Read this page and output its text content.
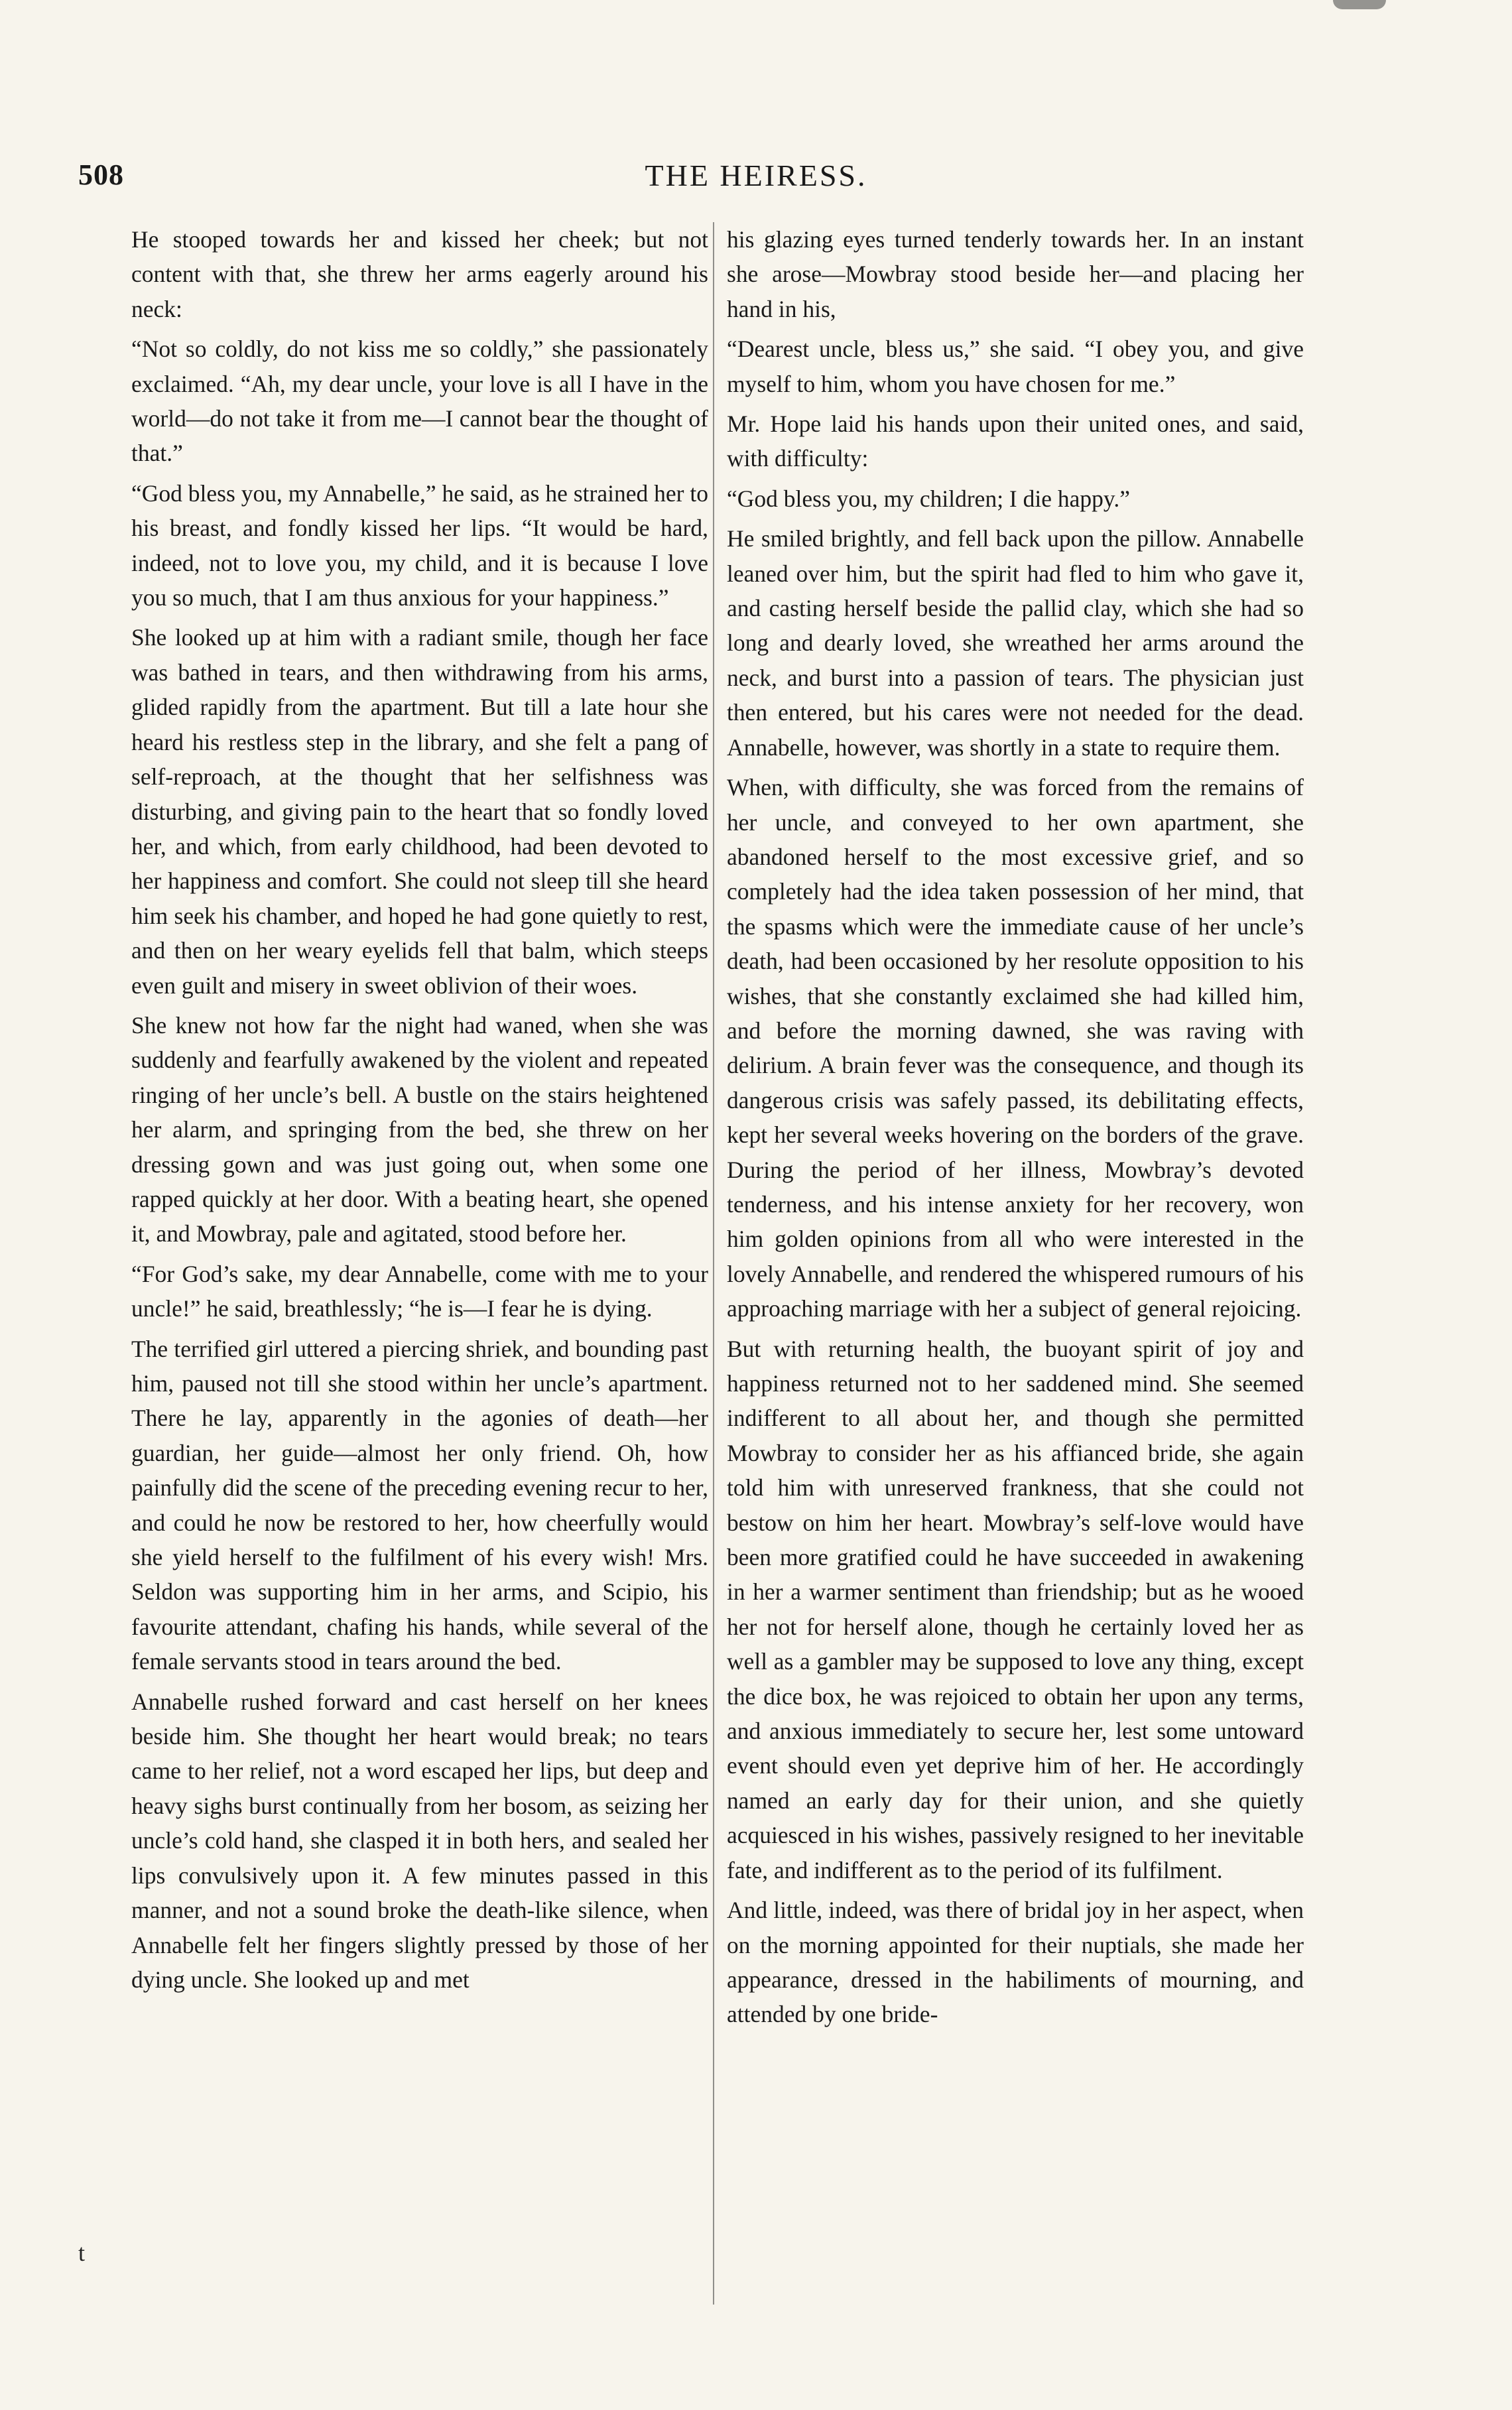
508	THE HEIRESS.

He stooped towards her and kissed her cheek; but not content with that, she threw her arms eagerly around his neck:

“Not so coldly, do not kiss me so coldly,” she passionately exclaimed. “Ah, my dear uncle, your love is all I have in the world—do not take it from me—I cannot bear the thought of that.”

“God bless you, my Annabelle,” he said, as he strained her to his breast, and fondly kissed her lips. “It would be hard, indeed, not to love you, my child, and it is because I love you so much, that I am thus anxious for your happiness.”

She looked up at him with a radiant smile, though her face was bathed in tears, and then withdrawing from his arms, glided rapidly from the apartment. But till a late hour she heard his restless step in the library, and she felt a pang of self-reproach, at the thought that her selfishness was disturbing, and giving pain to the heart that so fondly loved her, and which, from early childhood, had been devoted to her happiness and comfort. She could not sleep till she heard him seek his chamber, and hoped he had gone quietly to rest, and then on her weary eyelids fell that balm, which steeps even guilt and misery in sweet oblivion of their woes.

She knew not how far the night had waned, when she was suddenly and fearfully awakened by the violent and repeated ringing of her uncle’s bell. A bustle on the stairs heightened her alarm, and springing from the bed, she threw on her dressing gown and was just going out, when some one rapped quickly at her door. With a beating heart, she opened it, and Mowbray, pale and agitated, stood before her.

“For God’s sake, my dear Annabelle, come with me to your uncle!” he said, breathlessly; “he is—I fear he is dying.

The terrified girl uttered a piercing shriek, and bounding past him, paused not till she stood within her uncle’s apartment. There he lay, apparently in the agonies of death—her guardian, her guide—almost her only friend. Oh, how painfully did the scene of the preceding evening recur to her, and could he now be restored to her, how cheerfully would she yield herself to the fulfilment of his every wish! Mrs. Seldon was supporting him in her arms, and Scipio, his favourite attendant, chafing his hands, while several of the female servants stood in tears around the bed.

Annabelle rushed forward and cast herself on her knees beside him. She thought her heart would break; no tears came to her relief, not a word escaped her lips, but deep and heavy sighs burst continually from her bosom, as seizing her uncle’s cold hand, she clasped it in both hers, and sealed her lips convulsively upon it. A few minutes passed in this manner, and not a sound broke the death-like silence, when Annabelle felt her fingers slightly pressed by those of her dying uncle. She looked up and met

his glazing eyes turned tenderly towards her. In an instant she arose—Mowbray stood beside her—and placing her hand in his,

“Dearest uncle, bless us,” she said. “I obey you, and give myself to him, whom you have chosen for me.”

Mr. Hope laid his hands upon their united ones, and said, with difficulty:

“God bless you, my children; I die happy.”

He smiled brightly, and fell back upon the pillow. Annabelle leaned over him, but the spirit had fled to him who gave it, and casting herself beside the pallid clay, which she had so long and dearly loved, she wreathed her arms around the neck, and burst into a passion of tears. The physician just then entered, but his cares were not needed for the dead. Annabelle, however, was shortly in a state to require them.

When, with difficulty, she was forced from the remains of her uncle, and conveyed to her own apartment, she abandoned herself to the most excessive grief, and so completely had the idea taken possession of her mind, that the spasms which were the immediate cause of her uncle’s death, had been occasioned by her resolute opposition to his wishes, that she constantly exclaimed she had killed him, and before the morning dawned, she was raving with delirium. A brain fever was the consequence, and though its dangerous crisis was safely passed, its debilitating effects, kept her several weeks hovering on the borders of the grave. During the period of her illness, Mowbray’s devoted tenderness, and his intense anxiety for her recovery, won him golden opinions from all who were interested in the lovely Annabelle, and rendered the whispered rumours of his approaching marriage with her a subject of general rejoicing.

But with returning health, the buoyant spirit of joy and happiness returned not to her saddened mind. She seemed indifferent to all about her, and though she permitted Mowbray to consider her as his affianced bride, she again told him with unreserved frankness, that she could not bestow on him her heart. Mowbray’s self-love would have been more gratified could he have succeeded in awakening in her a warmer sentiment than friendship; but as he wooed her not for herself alone, though he certainly loved her as well as a gambler may be supposed to love any thing, except the dice box, he was rejoiced to obtain her upon any terms, and anxious immediately to secure her, lest some untoward event should even yet deprive him of her. He accordingly named an early day for their union, and she quietly acquiesced in his wishes, passively resigned to her inevitable fate, and indifferent as to the period of its fulfilment.

And little, indeed, was there of bridal joy in her aspect, when on the morning appointed for their nuptials, she made her appearance, dressed in the habiliments of mourning, and attended by one bride-

t
